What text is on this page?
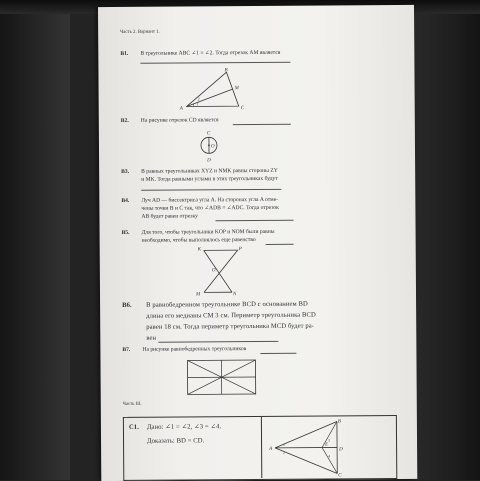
Часть 2. Вариант 1.
В1. В треугольнике ABC ∠1 = ∠2. Тогда отрезок AM является
B
M
A	C
1
2
В2. На рисунке отрезок CD является
C
O
D
В3. В равных треугольниках XYZ и NMK равны стороны ZY
и MK. Тогда равными углами в этих треугольниках будут
В4. Луч AD — биссектриса угла A. На сторонах угла A отме-
чены точки B и C так, что ∠ADB = ∠ADC. Тогда отрезок
AB будет равен отрезку
В5. Для того, чтобы треугольники KOP и NOM были равны
необходимо, чтобы выполнялось еще равенство
K	P
O
M	N
В6. В равнобедренном треугольнике BCD с основанием BD
длина его медианы CM 3 см. Периметр треугольника BCD
равен 18 см. Тогда периметр треугольника MCD будет ра-
вен
В7. На рисунке равнобедренных треугольников
Часть III.
С1. Дано: ∠1 = ∠2, ∠3 = ∠4.
Доказать: BD = CD.
A
B
C
D
E
1
2
3
4
